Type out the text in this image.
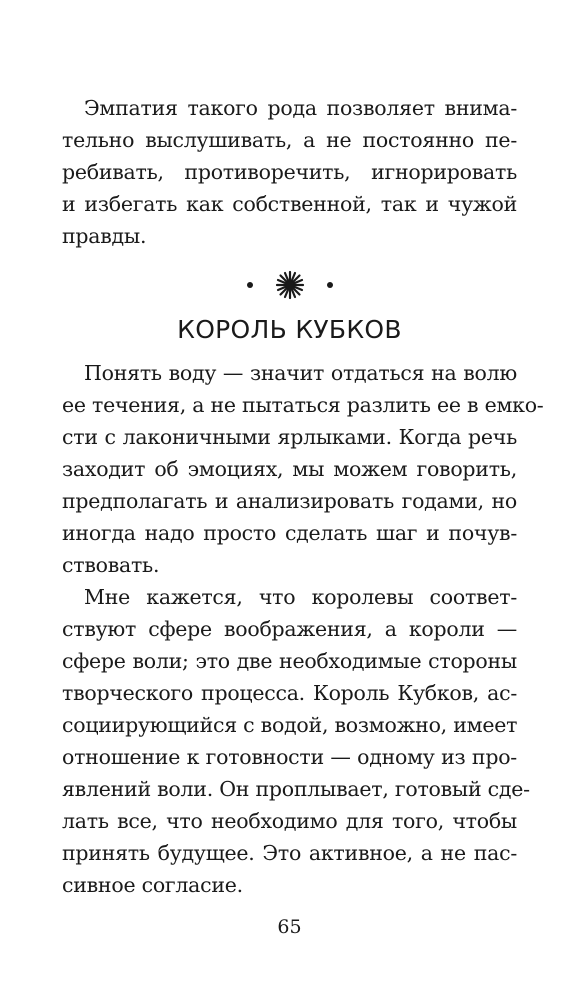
Эмпатия такого рода позволяет внима-
тельно выслушивать, а не постоянно пе-
ребивать, противоречить, игнорировать
и избегать как собственной, так и чужой
правды.
КОРОЛЬ КУБКОВ
Понять воду — значит отдаться на волю
ее течения, а не пытаться разлить ее в емко-
сти с лаконичными ярлыками. Когда речь
заходит об эмоциях, мы можем говорить,
предполагать и анализировать годами, но
иногда надо просто сделать шаг и почув-
ствовать.
Мне кажется, что королевы соответ-
ствуют сфере воображения, а короли —
сфере воли; это две необходимые стороны
творческого процесса. Король Кубков, ас-
социирующийся с водой, возможно, имеет
отношение к готовности — одному из про-
явлений воли. Он проплывает, готовый сде-
лать все, что необходимо для того, чтобы
принять будущее. Это активное, а не пас-
сивное согласие.
65
